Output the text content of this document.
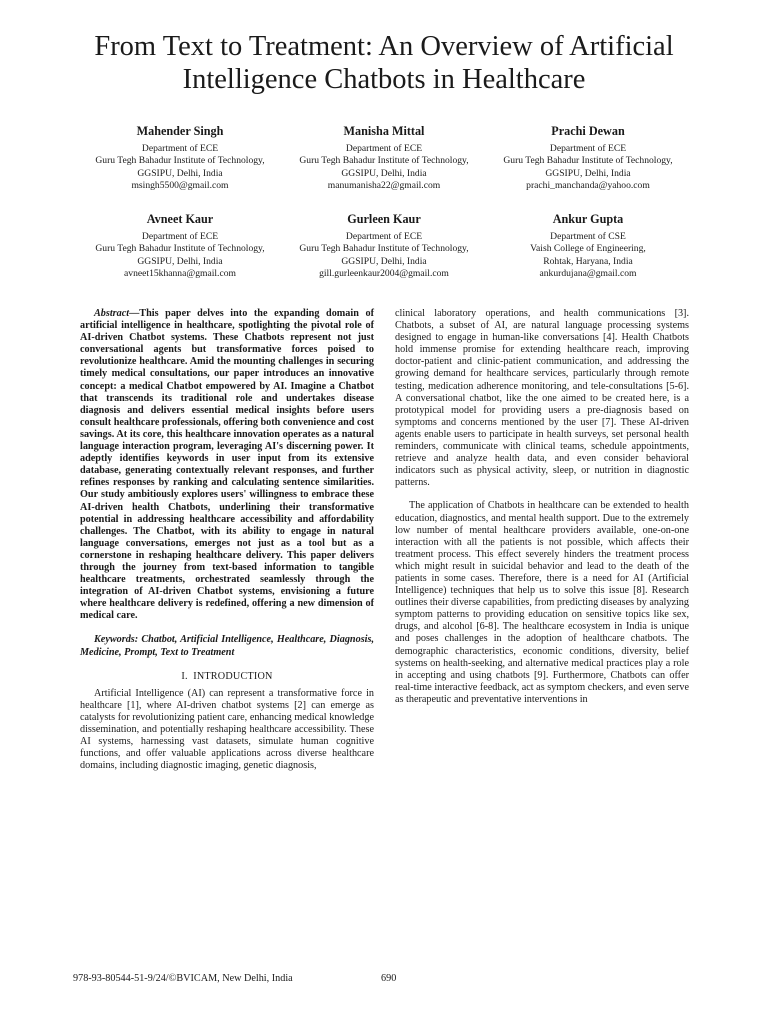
From Text to Treatment: An Overview of Artificial Intelligence Chatbots in Healthcare
Mahender Singh
Department of ECE
Guru Tegh Bahadur Institute of Technology,
GGSIPU, Delhi, India
msingh5500@gmail.com
Manisha Mittal
Department of ECE
Guru Tegh Bahadur Institute of Technology,
GGSIPU, Delhi, India
manumanisha22@gmail.com
Prachi Dewan
Department of ECE
Guru Tegh Bahadur Institute of Technology,
GGSIPU, Delhi, India
prachi_manchanda@yahoo.com
Avneet Kaur
Department of ECE
Guru Tegh Bahadur Institute of Technology,
GGSIPU, Delhi, India
avneet15khanna@gmail.com
Gurleen Kaur
Department of ECE
Guru Tegh Bahadur Institute of Technology,
GGSIPU, Delhi, India
gill.gurleenkaur2004@gmail.com
Ankur Gupta
Department of CSE
Vaish College of Engineering,
Rohtak, Haryana, India
ankurdujana@gmail.com

Abstract—This paper delves into the expanding domain of artificial intelligence in healthcare, spotlighting the pivotal role of AI-driven Chatbot systems. These Chatbots represent not just conversational agents but transformative forces poised to revolutionize healthcare. Amid the mounting challenges in securing timely medical consultations, our paper introduces an innovative concept: a medical Chatbot empowered by AI. Imagine a Chatbot that transcends its traditional role and undertakes disease diagnosis and delivers essential medical insights before users consult healthcare professionals, offering both convenience and cost savings. At its core, this healthcare innovation operates as a natural language interaction program, leveraging AI's discerning power. It adeptly identifies keywords in user input from its extensive database, generating contextually relevant responses, and further refines responses by ranking and calculating sentence similarities. Our study ambitiously explores users' willingness to embrace these AI-driven health Chatbots, underlining their transformative potential in addressing healthcare accessibility and affordability challenges. The Chatbot, with its ability to engage in natural language conversations, emerges not just as a tool but as a cornerstone in reshaping healthcare delivery. This paper delivers through the journey from text-based information to tangible healthcare treatments, orchestrated seamlessly through the integration of AI-driven Chatbot systems, envisioning a future where healthcare delivery is redefined, offering a new dimension of medical care.

Keywords: Chatbot, Artificial Intelligence, Healthcare, Diagnosis, Medicine, Prompt, Text to Treatment

I.  INTRODUCTION

Artificial Intelligence (AI) can represent a transformative force in healthcare [1], where AI-driven chatbot systems [2] can emerge as catalysts for revolutionizing patient care, enhancing medical knowledge dissemination, and potentially reshaping healthcare accessibility. These AI systems, harnessing vast datasets, simulate human cognitive functions, and offer valuable applications across diverse healthcare domains, including diagnostic imaging, genetic diagnosis,

clinical laboratory operations, and health communications [3]. Chatbots, a subset of AI, are natural language processing systems designed to engage in human-like conversations [4]. Health Chatbots hold immense promise for extending healthcare reach, improving doctor-patient and clinic-patient communication, and addressing the growing demand for healthcare services, particularly through remote testing, medication adherence monitoring, and tele-consultations [5-6]. A conversational chatbot, like the one aimed to be created here, is a prototypical model for providing users a pre-diagnosis based on symptoms and concerns mentioned by the user [7]. These AI-driven agents enable users to participate in health surveys, set personal health reminders, communicate with clinical teams, schedule appointments, retrieve and analyze health data, and even consider behavioral indicators such as physical activity, sleep, or nutrition in diagnostic patterns.

The application of Chatbots in healthcare can be extended to health education, diagnostics, and mental health support. Due to the extremely low number of mental healthcare providers available, one-on-one interaction with all the patients is not possible, which affects their treatment process. This effect severely hinders the treatment process which might result in suicidal behavior and lead to the death of the patients in some cases. Therefore, there is a need for AI (Artificial Intelligence) techniques that help us to solve this issue [8]. Research outlines their diverse capabilities, from predicting diseases by analyzing symptom patterns to providing education on sensitive topics like sex, drugs, and alcohol [6-8]. The healthcare ecosystem in India is unique and poses challenges in the adoption of healthcare chatbots. The demographic characteristics, economic conditions, diversity, belief systems on health-seeking, and alternative medical practices play a role in accepting and using chatbots [9]. Furthermore, Chatbots can offer real-time interactive feedback, act as symptom checkers, and even serve as therapeutic and preventative interventions in

978-93-80544-51-9/24/©BVICAM, New Delhi, India	690
